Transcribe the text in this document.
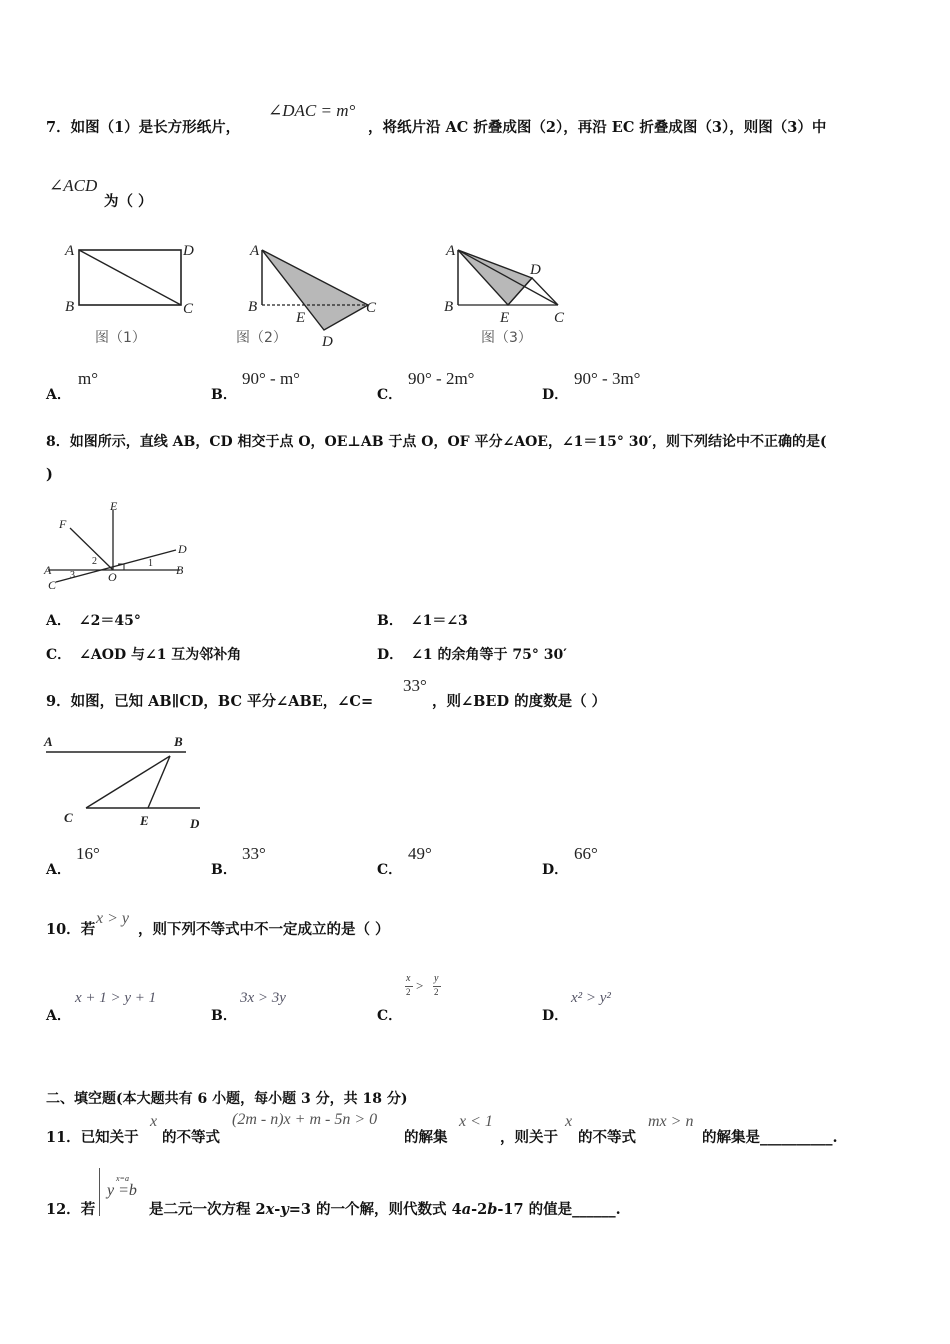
7．如图（1）是长方形纸片，
∠DAC = m°
，将纸片沿 AC 折叠成图（2），再沿 EC 折叠成图（3），则图（3）中
∠ACD
为（ ）
A
B	C
D
图（1）
A
B	C
D
E
图（2）
A
B
C
D
E
图（3）
A．
m°
B．
90° - m°
C．
90° - 2m°
D．
90° - 3m°
8．如图所示，直线 AB，CD 相交于点 O，OE⊥AB 于点 O，OF 平分∠AOE，∠1＝15° 30′，则下列结论中不正确的是(
)
E
F
D
A	B
C
O
1
2
3
A． ∠2＝45°	B． ∠1＝∠3
C． ∠AOD 与∠1 互为邻补角	D． ∠1 的余角等于 75° 30′
9．如图，已知 AB∥CD，BC 平分∠ABE，∠C=
33°
，则∠BED 的度数是（ ）
A	B
C	E	D
A．
16°
B．
33°
C．
49°
D．
66°
10．若
x > y
，则下列不等式中不一定成立的是（ ）
A．
x + 1 > y + 1
B．
3x > 3y
C．
x
2 > y
2
D．
x² > y²
二、填空题(本大题共有 6 小题，每小题 3 分，共 18 分)
11．已知关于
x
的不等式
(2m - n)x + m - 5n > 0
的解集
x < 1
，则关于
x
的不等式
mx > n
的解集是__________.
12．若
x=a
y =b
是二元一次方程 2x-y=3 的一个解，则代数式 4a-2b-17 的值是______.
